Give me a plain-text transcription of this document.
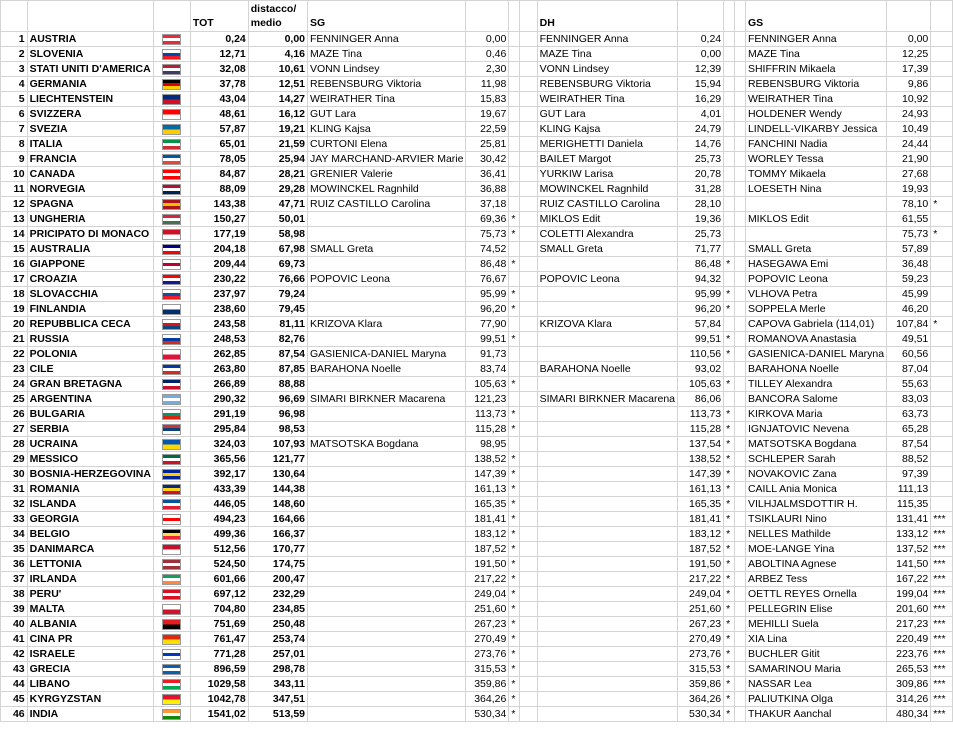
			TOT	distacco/
medio	SG				DH				GS		
1	AUSTRIA		0,24	0,00	FENNINGER Anna	0,00			FENNINGER Anna	0,24			FENNINGER Anna	0,00	
2	SLOVENIA		12,71	4,16	MAZE Tina	0,46			MAZE Tina	0,00			MAZE Tina	12,25	
3	STATI UNITI D'AMERICA		32,08	10,61	VONN Lindsey	2,30			VONN Lindsey	12,39			SHIFFRIN Mikaela	17,39	
4	GERMANIA		37,78	12,51	REBENSBURG Viktoria	11,98			REBENSBURG Viktoria	15,94			REBENSBURG Viktoria	9,86	
5	LIECHTENSTEIN		43,04	14,27	WEIRATHER Tina	15,83			WEIRATHER Tina	16,29			WEIRATHER Tina	10,92	
6	SVIZZERA		48,61	16,12	GUT Lara	19,67			GUT Lara	4,01			HOLDENER Wendy	24,93	
7	SVEZIA		57,87	19,21	KLING Kajsa	22,59			KLING Kajsa	24,79			LINDELL-VIKARBY Jessica	10,49	
8	ITALIA		65,01	21,59	CURTONI Elena	25,81			MERIGHETTI Daniela	14,76			FANCHINI Nadia	24,44	
9	FRANCIA		78,05	25,94	JAY MARCHAND-ARVIER Marie	30,42			BAILET Margot	25,73			WORLEY Tessa	21,90	
10	CANADA		84,87	28,21	GRENIER Valerie	36,41			YURKIW Larisa	20,78			TOMMY Mikaela	27,68	
11	NORVEGIA		88,09	29,28	MOWINCKEL Ragnhild	36,88			MOWINCKEL Ragnhild	31,28			LOESETH Nina	19,93	
12	SPAGNA		143,38	47,71	RUIZ CASTILLO Carolina	37,18			RUIZ CASTILLO Carolina	28,10				78,10	*
13	UNGHERIA		150,27	50,01		69,36	*		MIKLOS Edit	19,36			MIKLOS Edit	61,55	
14	PRICIPATO DI MONACO		177,19	58,98		75,73	*		COLETTI Alexandra	25,73				75,73	*
15	AUSTRALIA		204,18	67,98	SMALL Greta	74,52			SMALL Greta	71,77			SMALL Greta	57,89	
16	GIAPPONE		209,44	69,73		86,48	*			86,48	*		HASEGAWA Emi	36,48	
17	CROAZIA		230,22	76,66	POPOVIC Leona	76,67			POPOVIC Leona	94,32			POPOVIC Leona	59,23	
18	SLOVACCHIA		237,97	79,24		95,99	*			95,99	*		VLHOVA Petra	45,99	
19	FINLANDIA		238,60	79,45		96,20	*			96,20	*		SOPPELA Merle	46,20	
20	REPUBBLICA CECA		243,58	81,11	KRIZOVA Klara	77,90			KRIZOVA Klara	57,84			CAPOVA Gabriela (114,01)	107,84	*
21	RUSSIA		248,53	82,76		99,51	*			99,51	*		ROMANOVA Anastasia	49,51	
22	POLONIA		262,85	87,54	GASIENICA-DANIEL Maryna	91,73				110,56	*		GASIENICA-DANIEL Maryna	60,56	
23	CILE		263,80	87,85	BARAHONA Noelle	83,74			BARAHONA Noelle	93,02			BARAHONA Noelle	87,04	
24	GRAN BRETAGNA		266,89	88,88		105,63	*			105,63	*		TILLEY Alexandra	55,63	
25	ARGENTINA		290,32	96,69	SIMARI BIRKNER Macarena	121,23			SIMARI BIRKNER Macarena	86,06			BANCORA Salome	83,03	
26	BULGARIA		291,19	96,98		113,73	*			113,73	*		KIRKOVA Maria	63,73	
27	SERBIA		295,84	98,53		115,28	*			115,28	*		IGNJATOVIC Nevena	65,28	
28	UCRAINA		324,03	107,93	MATSOTSKA Bogdana	98,95				137,54	*		MATSOTSKA Bogdana	87,54	
29	MESSICO		365,56	121,77		138,52	*			138,52	*		SCHLEPER Sarah	88,52	
30	BOSNIA-HERZEGOVINA		392,17	130,64		147,39	*			147,39	*		NOVAKOVIC Zana	97,39	
31	ROMANIA		433,39	144,38		161,13	*			161,13	*		CAILL Ania Monica	111,13	
32	ISLANDA		446,05	148,60		165,35	*			165,35	*		VILHJALMSDOTTIR H.	115,35	
33	GEORGIA		494,23	164,66		181,41	*			181,41	*		TSIKLAURI Nino	131,41	***
34	BELGIO		499,36	166,37		183,12	*			183,12	*		NELLES Mathilde	133,12	***
35	DANIMARCA		512,56	170,77		187,52	*			187,52	*		MOE-LANGE Yina	137,52	***
36	LETTONIA		524,50	174,75		191,50	*			191,50	*		ABOLTINA Agnese	141,50	***
37	IRLANDA		601,66	200,47		217,22	*			217,22	*		ARBEZ Tess	167,22	***
38	PERU'		697,12	232,29		249,04	*			249,04	*		OETTL REYES Ornella	199,04	***
39	MALTA		704,80	234,85		251,60	*			251,60	*		PELLEGRIN Elise	201,60	***
40	ALBANIA		751,69	250,48		267,23	*			267,23	*		MEHILLI Suela	217,23	***
41	CINA PR		761,47	253,74		270,49	*			270,49	*		XIA Lina	220,49	***
42	ISRAELE		771,28	257,01		273,76	*			273,76	*		BUCHLER Gitit	223,76	***
43	GRECIA		896,59	298,78		315,53	*			315,53	*		SAMARINOU Maria	265,53	***
44	LIBANO		1029,58	343,11		359,86	*			359,86	*		NASSAR Lea	309,86	***
45	KYRGYZSTAN		1042,78	347,51		364,26	*			364,26	*		PALIUTKINA Olga	314,26	***
46	INDIA		1541,02	513,59		530,34	*			530,34	*		THAKUR Aanchal	480,34	***
